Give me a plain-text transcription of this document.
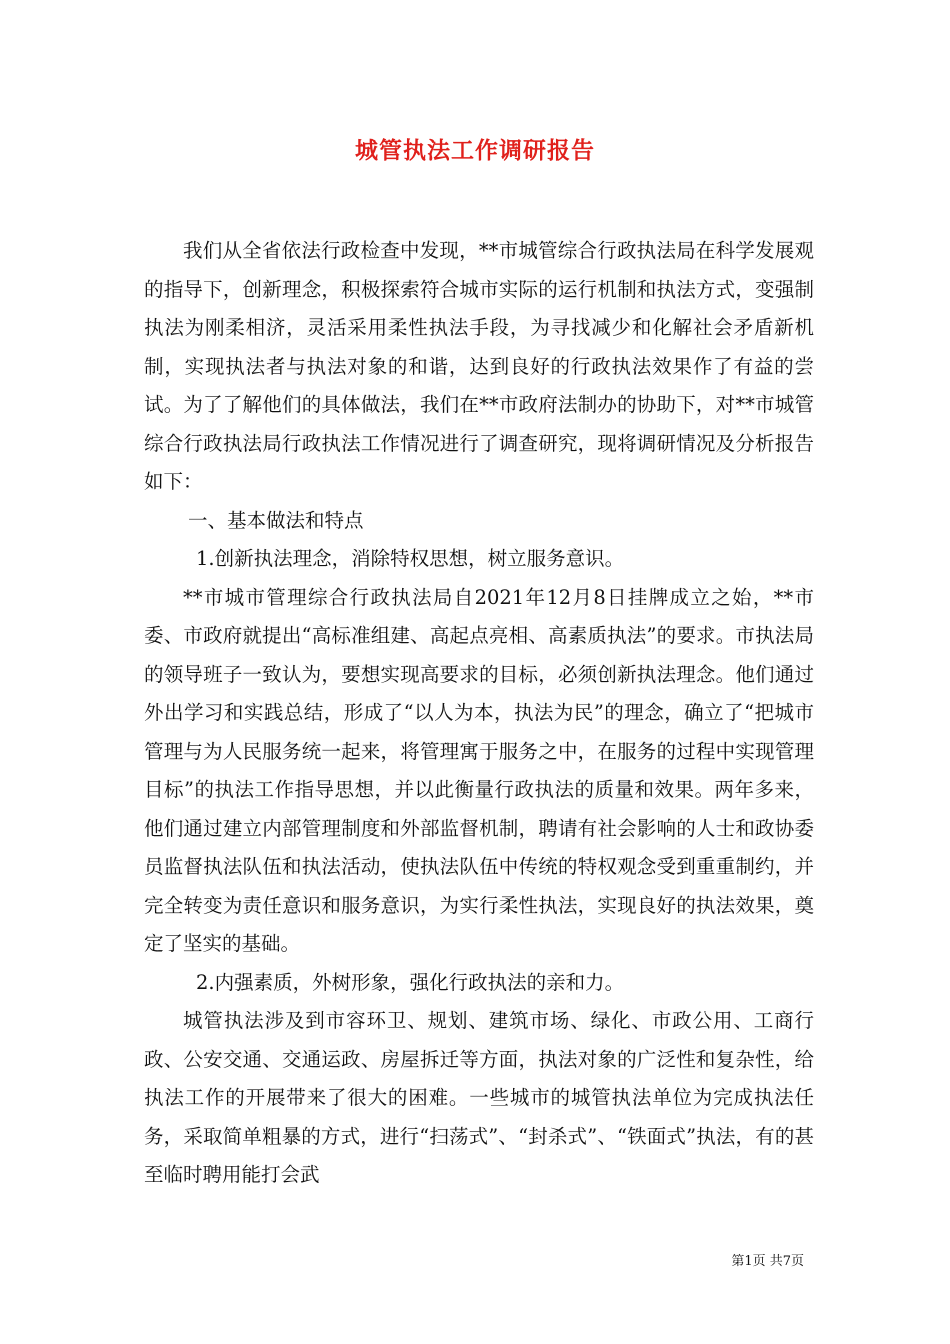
城管执法工作调研报告

我们从全省依法行政检查中发现，**市城管综合行政执法局在科学发展观的指导下，创新理念，积极探索符合城市实际的运行机制和执法方式，变强制执法为刚柔相济，灵活采用柔性执法手段，为寻找减少和化解社会矛盾新机制，实现执法者与执法对象的和谐，达到良好的行政执法效果作了有益的尝试。为了了解他们的具体做法，我们在**市政府法制办的协助下，对**市城管综合行政执法局行政执法工作情况进行了调查研究，现将调研情况及分析报告如下：

一、基本做法和特点

1.创新执法理念，消除特权思想，树立服务意识。

**市城市管理综合行政执法局自2021年12月8日挂牌成立之始，**市委、市政府就提出“高标准组建、高起点亮相、高素质执法”的要求。市执法局的领导班子一致认为，要想实现高要求的目标，必须创新执法理念。他们通过外出学习和实践总结，形成了“以人为本，执法为民”的理念，确立了“把城市管理与为人民服务统一起来，将管理寓于服务之中，在服务的过程中实现管理目标”的执法工作指导思想，并以此衡量行政执法的质量和效果。两年多来，他们通过建立内部管理制度和外部监督机制，聘请有社会影响的人士和政协委员监督执法队伍和执法活动，使执法队伍中传统的特权观念受到重重制约，并完全转变为责任意识和服务意识，为实行柔性执法，实现良好的执法效果，奠定了坚实的基础。

2.内强素质，外树形象，强化行政执法的亲和力。

城管执法涉及到市容环卫、规划、建筑市场、绿化、市政公用、工商行政、公安交通、交通运政、房屋拆迁等方面，执法对象的广泛性和复杂性，给执法工作的开展带来了很大的困难。一些城市的城管执法单位为完成执法任务，采取简单粗暴的方式，进行“扫荡式”、“封杀式”、“铁面式”执法，有的甚至临时聘用能打会武

第1页 共7页
